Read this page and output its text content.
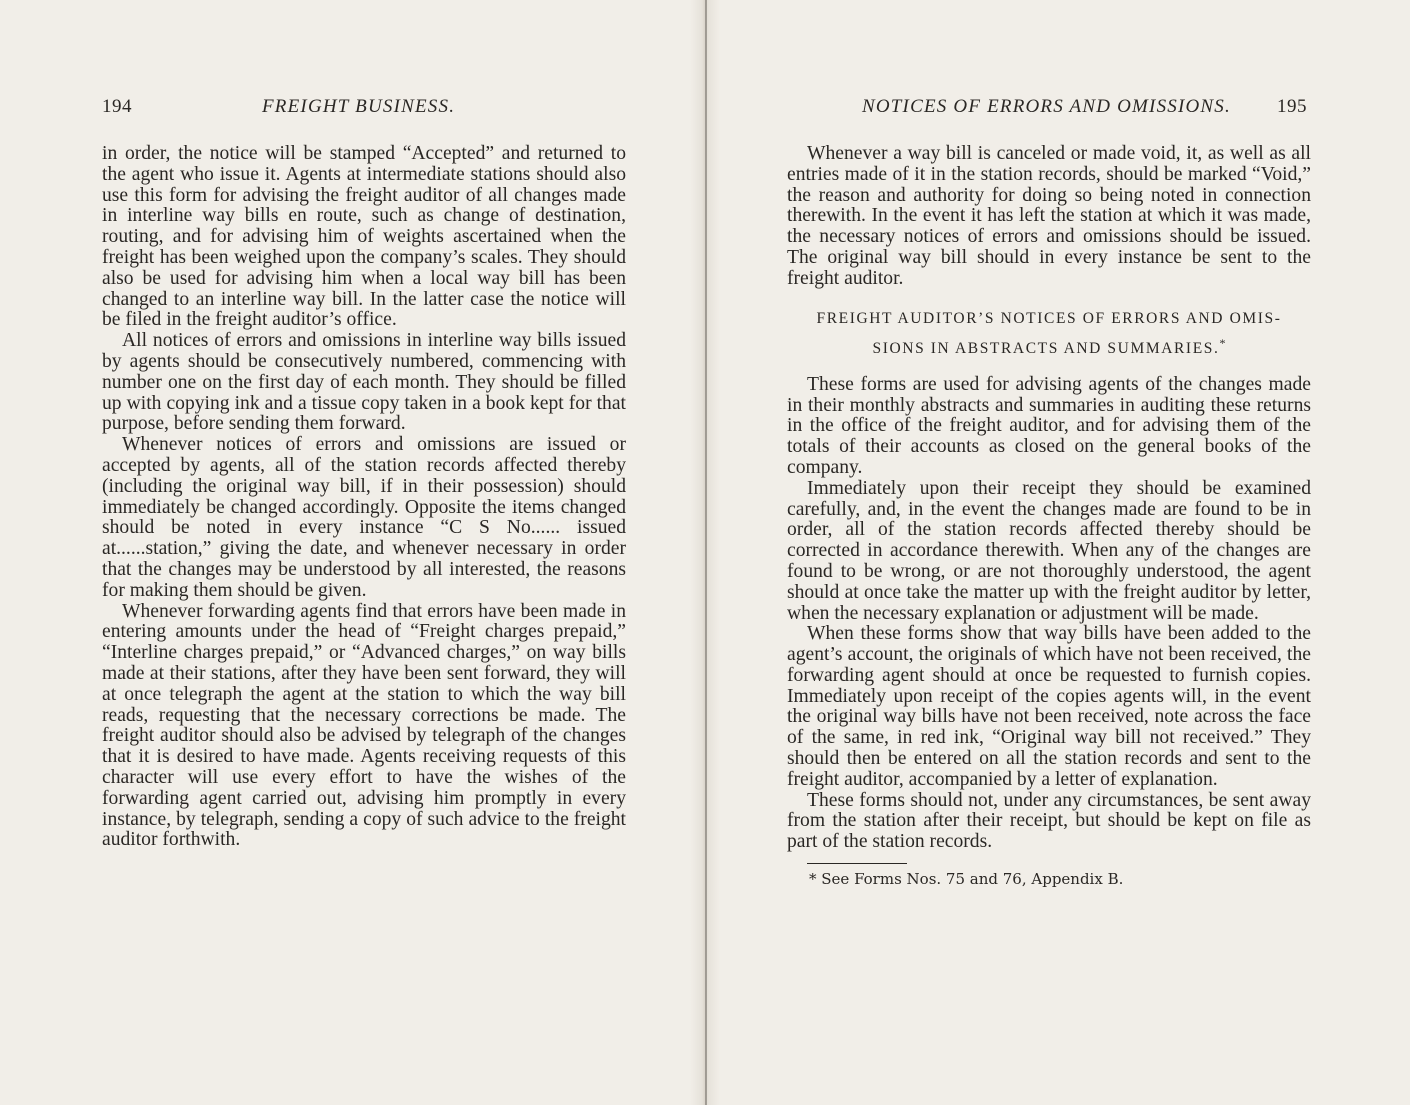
194	FREIGHT BUSINESS.

in order, the notice will be stamped “Accepted” and returned to the agent who issue it. Agents at intermediate stations should also use this form for advising the freight auditor of all changes made in interline way bills en route, such as change of destination, routing, and for advising him of weights ascertained when the freight has been weighed upon the company’s scales. They should also be used for advising him when a local way bill has been changed to an interline way bill. In the latter case the notice will be filed in the freight auditor’s office.

All notices of errors and omissions in interline way bills issued by agents should be consecutively numbered, commencing with number one on the first day of each month. They should be filled up with copying ink and a tissue copy taken in a book kept for that purpose, before sending them forward.

Whenever notices of errors and omissions are issued or accepted by agents, all of the station records affected thereby (including the original way bill, if in their possession) should immediately be changed accordingly. Opposite the items changed should be noted in every instance “C S No...... issued at......station,” giving the date, and whenever necessary in order that the changes may be understood by all interested, the reasons for making them should be given.

Whenever forwarding agents find that errors have been made in entering amounts under the head of “Freight charges prepaid,” “Interline charges prepaid,” or “Advanced charges,” on way bills made at their stations, after they have been sent forward, they will at once telegraph the agent at the station to which the way bill reads, requesting that the necessary corrections be made. The freight auditor should also be advised by telegraph of the changes that it is desired to have made. Agents receiving requests of this character will use every effort to have the wishes of the forwarding agent carried out, advising him promptly in every instance, by telegraph, sending a copy of such advice to the freight auditor forthwith.

NOTICES OF ERRORS AND OMISSIONS. 195

Whenever a way bill is canceled or made void, it, as well as all entries made of it in the station records, should be marked “Void,” the reason and authority for doing so being noted in connection therewith. In the event it has left the station at which it was made, the necessary notices of errors and omissions should be issued. The original way bill should in every instance be sent to the freight auditor.

FREIGHT AUDITOR’S NOTICES OF ERRORS AND OMIS-
SIONS IN ABSTRACTS AND SUMMARIES.*

These forms are used for advising agents of the changes made in their monthly abstracts and summaries in auditing these returns in the office of the freight auditor, and for advising them of the totals of their accounts as closed on the general books of the company.

Immediately upon their receipt they should be examined carefully, and, in the event the changes made are found to be in order, all of the station records affected thereby should be corrected in accordance therewith. When any of the changes are found to be wrong, or are not thoroughly understood, the agent should at once take the matter up with the freight auditor by letter, when the necessary explanation or adjustment will be made.

When these forms show that way bills have been added to the agent’s account, the originals of which have not been received, the forwarding agent should at once be requested to furnish copies. Immediately upon receipt of the copies agents will, in the event the original way bills have not been received, note across the face of the same, in red ink, “Original way bill not received.” They should then be entered on all the station records and sent to the freight auditor, accompanied by a letter of explanation.

These forms should not, under any circumstances, be sent away from the station after their receipt, but should be kept on file as part of the station records.

* See Forms Nos. 75 and 76, Appendix B.
